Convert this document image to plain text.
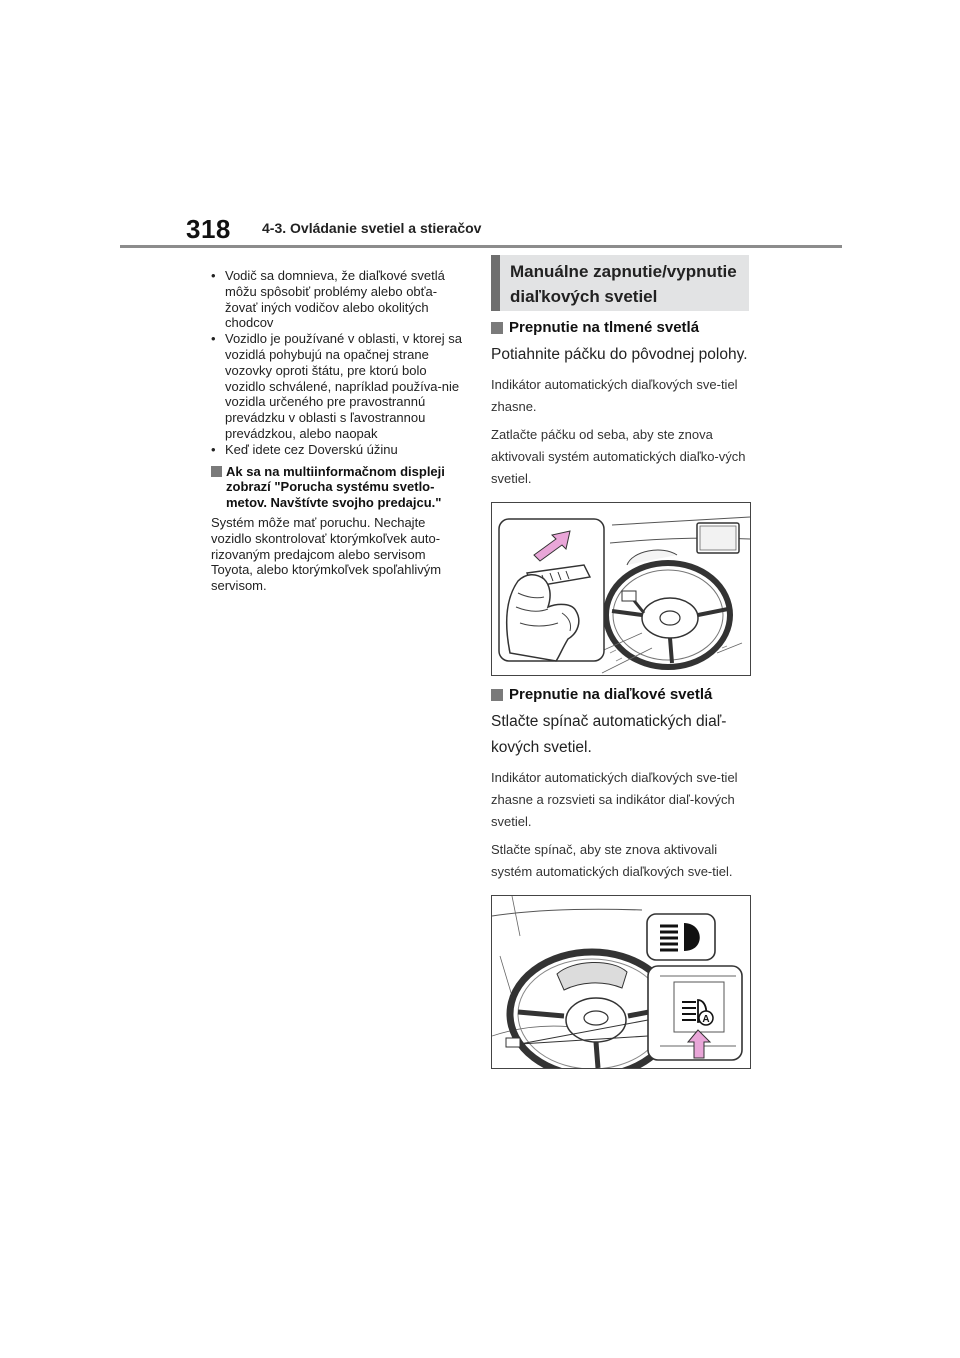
318 4-3. Ovládanie svetiel a stieračov
• Vodič sa domnieva, že diaľkové svetlá môžu spôsobiť problémy alebo obťa-žovať iných vodičov alebo okolitých chodcov
• Vozidlo je používané v oblasti, v ktorej sa vozidlá pohybujú na opačnej strane vozovky oproti štátu, pre ktorú bolo vozidlo schválené, napríklad používa-nie vozidla určeného pre pravostrannú prevádzku v oblasti s ľavostrannou prevádzkou, alebo naopak
• Keď idete cez Doverskú úžinu
Ak sa na multiinformačnom displeji zobrazí "Porucha systému svetlo-metov. Navštívte svojho predajcu."
Systém môže mať poruchu. Nechajte vozidlo skontrolovať ktorýmkoľvek auto-rizovaným predajcom alebo servisom Toyota, alebo ktorýmkoľvek spoľahlivým servisom.
Manuálne zapnutie/vypnutie
diaľkových svetiel
Prepnutie na tlmené svetlá
Potiahnite páčku do pôvodnej polohy.
Indikátor automatických diaľkových sve-tiel zhasne.
Zatlačte páčku od seba, aby ste znova aktivovali systém automatických diaľko-vých svetiel.
Prepnutie na diaľkové svetlá
Stlačte spínač automatických diaľ-kových svetiel.
Indikátor automatických diaľkových sve-tiel zhasne a rozsvieti sa indikátor diaľ-kových svetiel.
Stlačte spínač, aby ste znova aktivovali systém automatických diaľkových sve-tiel.
A
